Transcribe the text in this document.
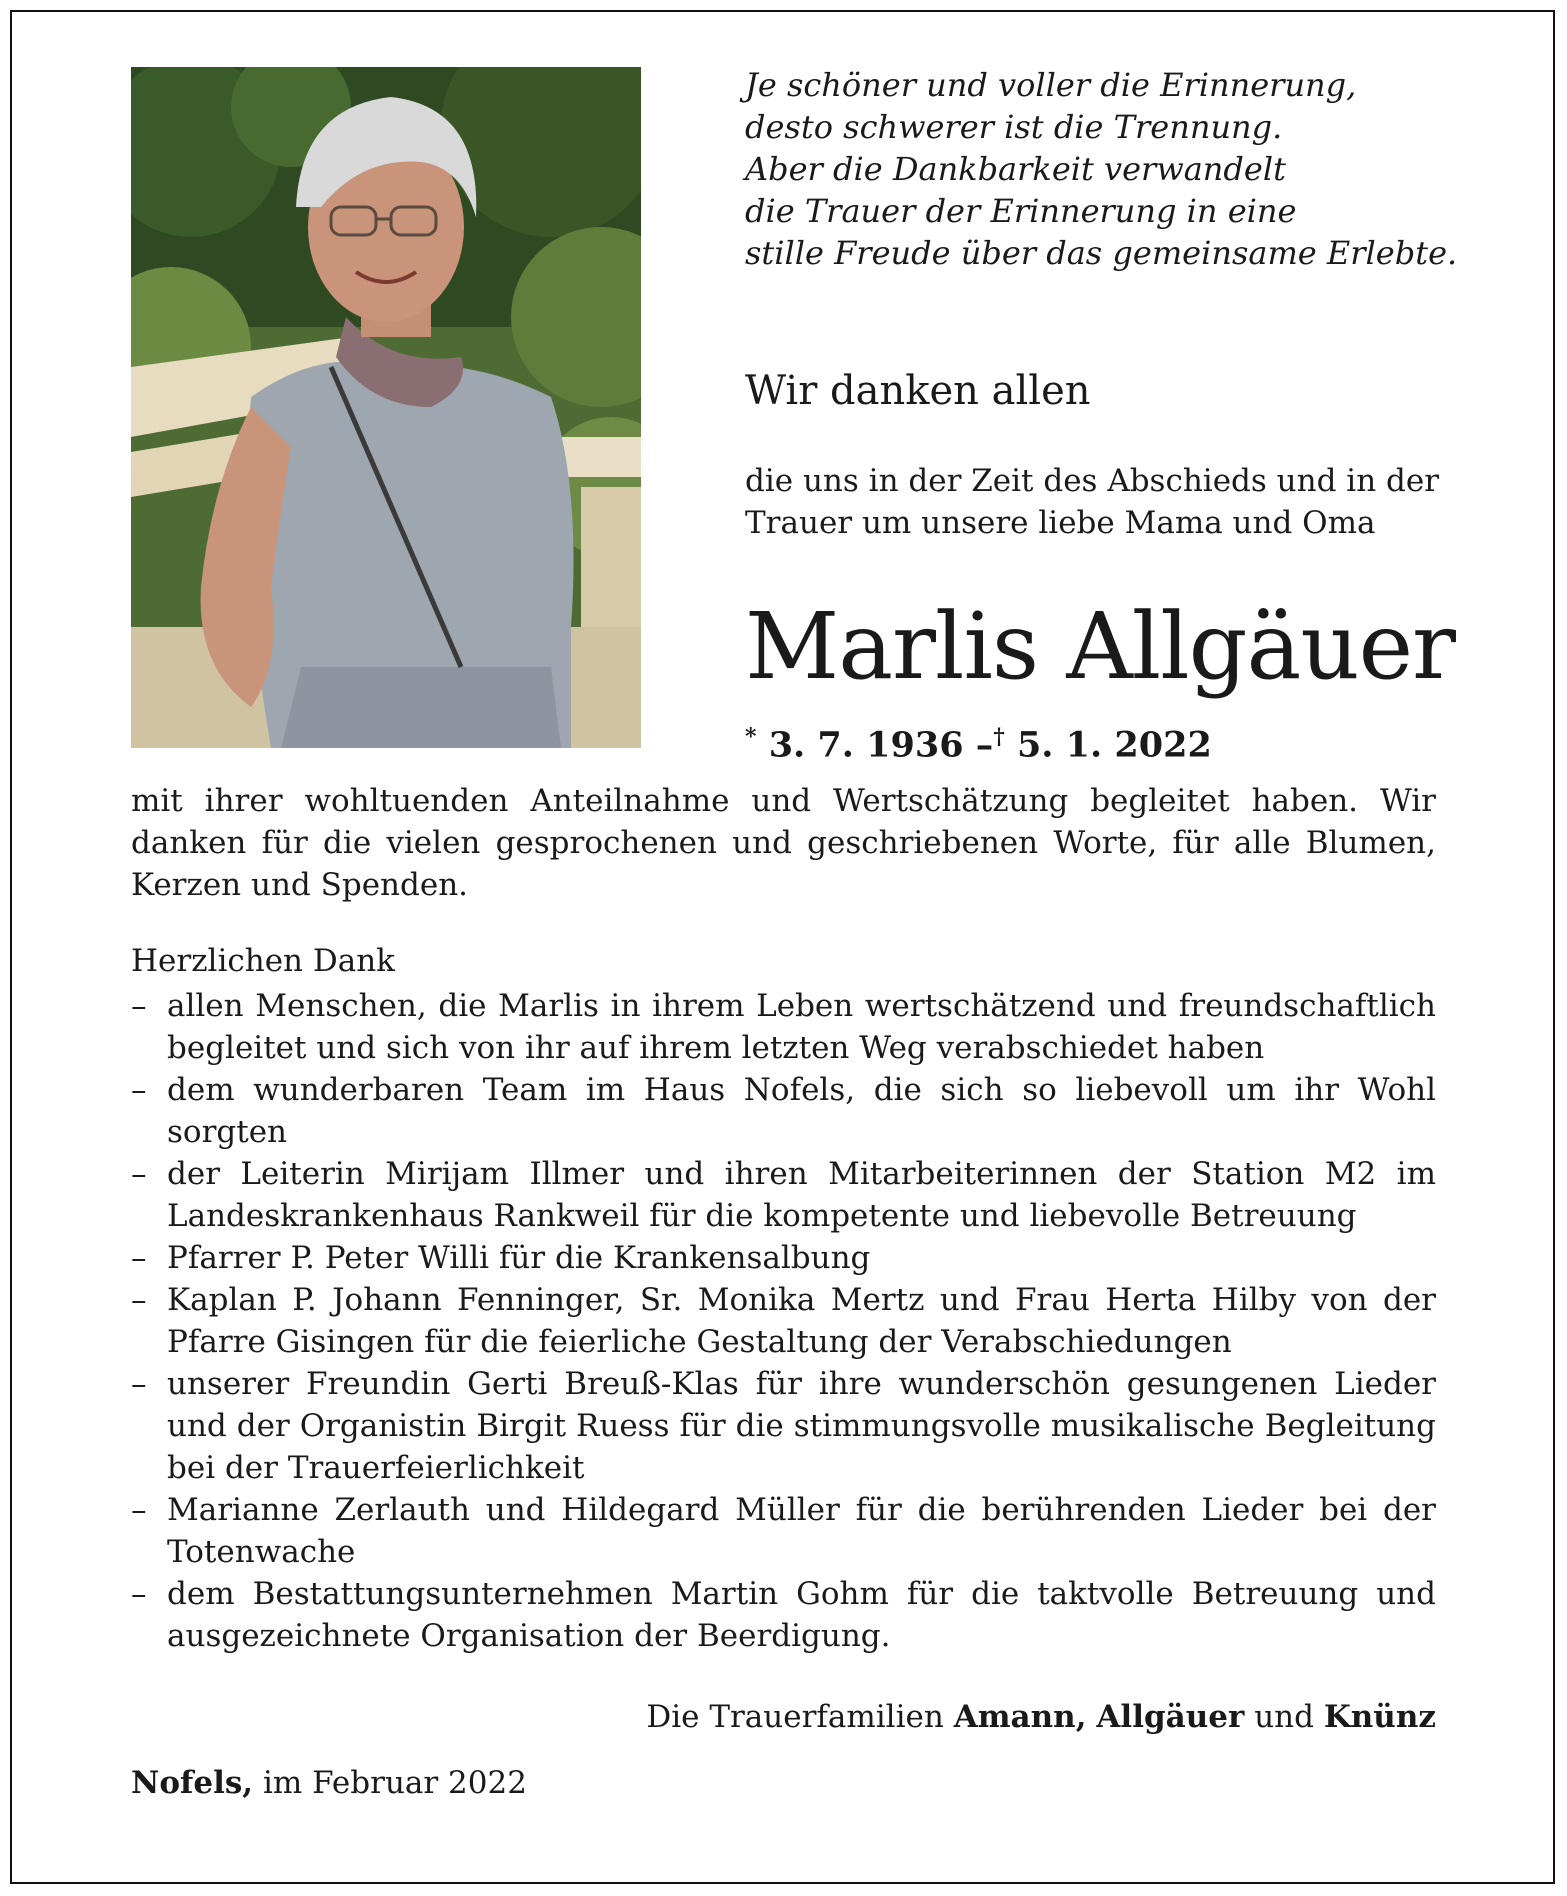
Je schöner und voller die Erinnerung,
desto schwerer ist die Trennung.
Aber die Dankbarkeit verwandelt
die Trauer der Erinnerung in eine
stille Freude über das gemeinsame Erlebte.
Wir danken allen
die uns in der Zeit des Abschieds und in der
Trauer um unsere liebe Mama und Oma
Marlis Allgäuer
* 3. 7. 1936 –† 5. 1. 2022

mit ihrer wohltuenden Anteilnahme und Wertschätzung begleitet haben. Wir danken für die vielen gesprochenen und geschriebenen Worte, für alle Blumen, Kerzen und Spenden.

Herzlichen Dank
– allen Menschen, die Marlis in ihrem Leben wertschätzend und freundschaftlich begleitet und sich von ihr auf ihrem letzten Weg verabschiedet haben
– dem wunderbaren Team im Haus Nofels, die sich so liebevoll um ihr Wohl sorgten
– der Leiterin Mirijam Illmer und ihren Mitarbeiterinnen der Station M2 im Landeskrankenhaus Rankweil für die kompetente und liebevolle Betreuung
– Pfarrer P. Peter Willi für die Krankensalbung
– Kaplan P. Johann Fenninger, Sr. Monika Mertz und Frau Herta Hilby von der Pfarre Gisingen für die feierliche Gestaltung der Verabschiedungen
– unserer Freundin Gerti Breuß-Klas für ihre wunderschön gesungenen Lieder und der Organistin Birgit Ruess für die stimmungsvolle musikalische Begleitung bei der Trauerfeierlichkeit
– Marianne Zerlauth und Hildegard Müller für die berührenden Lieder bei der Totenwache
– dem Bestattungsunternehmen Martin Gohm für die taktvolle Betreuung und ausgezeichnete Organisation der Beerdigung.
Die Trauerfamilien Amann, Allgäuer und Knünz
Nofels, im Februar 2022
